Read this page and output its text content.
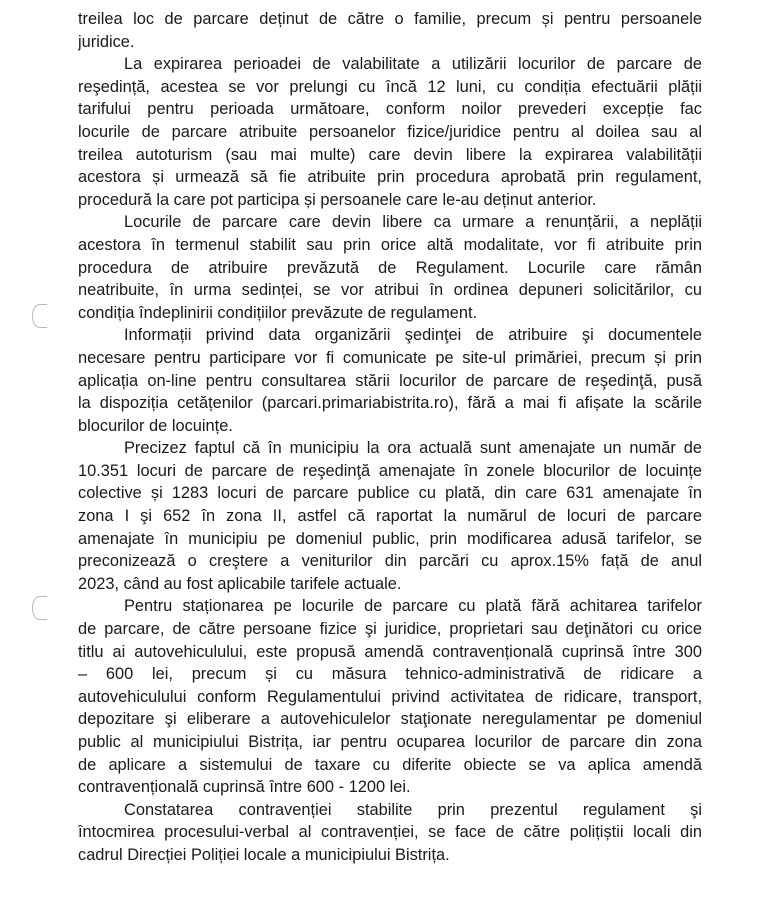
treilea loc de parcare deținut de către o familie, precum și pentru persoanele
juridice.
La expirarea perioadei de valabilitate a utilizării locurilor de parcare de
reşedință, acestea se vor prelungi cu încă 12 luni, cu condiția efectuării plății
tarifului pentru perioada următoare, conform noilor prevederi excepție fac
locurile de parcare atribuite persoanelor fizice/juridice pentru al doilea sau al
treilea autoturism (sau mai multe) care devin libere la expirarea valabilității
acestora și urmează să fie atribuite prin procedura aprobată prin regulament,
procedură la care pot participa și persoanele care le-au deținut anterior.
Locurile de parcare care devin libere ca urmare a renunțării, a neplății
acestora în termenul stabilit sau prin orice altă modalitate, vor fi atribuite prin
procedura de atribuire prevăzută de Regulament. Locurile care rămân
neatribuite, în urma sedinței, se vor atribui în ordinea depuneri solicitărilor, cu
condiția îndeplinirii condițiilor prevăzute de regulament.
Informații privind data organizării şedinţei de atribuire şi documentele
necesare pentru participare vor fi comunicate pe site-ul primăriei, precum și prin
aplicația on-line pentru consultarea stării locurilor de parcare de reşedinţă, pusă
la dispoziția cetățenilor (parcari.primariabistrita.ro), fără a mai fi afișate la scările
blocurilor de locuințe.
Precizez faptul că în municipiu la ora actuală sunt amenajate un număr de
10.351 locuri de parcare de reşedinţă amenajate în zonele blocurilor de locuințe
colective și 1283 locuri de parcare publice cu plată, din care 631 amenajate în
zona I şi 652 în zona II, astfel că raportat la numărul de locuri de parcare
amenajate în municipiu pe domeniul public, prin modificarea adusă tarifelor, se
preconizează o creştere a veniturilor din parcări cu aprox.15% față de anul
2023, când au fost aplicabile tarifele actuale.
Pentru staționarea pe locurile de parcare cu plată fără achitarea tarifelor
de parcare, de către persoane fizice şi juridice, proprietari sau deţinători cu orice
titlu ai autovehiculului, este propusă amendă contravențională cuprinsă între 300
– 600 lei, precum și cu măsura tehnico-administrativă de ridicare a
autovehiculului conform Regulamentului privind activitatea de ridicare, transport,
depozitare şi eliberare a autovehiculelor staţionate neregulamentar pe domeniul
public al municipiului Bistrița, iar pentru ocuparea locurilor de parcare din zona
de aplicare a sistemului de taxare cu diferite obiecte se va aplica amendă
contravențională cuprinsă între 600 - 1200 lei.
Constatarea contravenției stabilite prin prezentul regulament şi
întocmirea procesului-verbal al contravenției, se face de către polițiștii locali din
cadrul Direcției Poliției locale a municipiului Bistrița.
